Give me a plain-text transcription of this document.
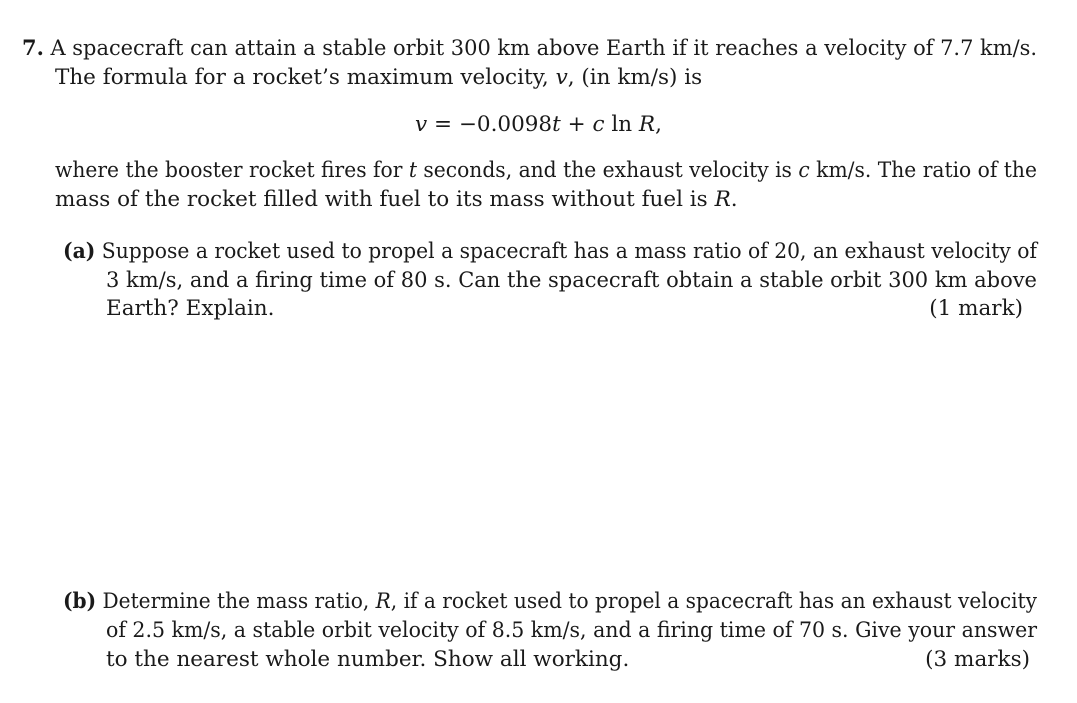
7. A spacecraft can attain a stable orbit 300 km above Earth if it reaches a velocity of 7.7 km/s.
The formula for a rocket’s maximum velocity, v, (in km/s) is
v = −0.0098t + c ln R,
where the booster rocket fires for t seconds, and the exhaust velocity is c km/s. The ratio of the
mass of the rocket filled with fuel to its mass without fuel is R.
(a) Suppose a rocket used to propel a spacecraft has a mass ratio of 20, an exhaust velocity of
3 km/s, and a firing time of 80 s. Can the spacecraft obtain a stable orbit 300 km above
Earth? Explain.	(1 mark)
(b) Determine the mass ratio, R, if a rocket used to propel a spacecraft has an exhaust velocity
of 2.5 km/s, a stable orbit velocity of 8.5 km/s, and a firing time of 70 s. Give your answer
to the nearest whole number. Show all working.	(3 marks)
